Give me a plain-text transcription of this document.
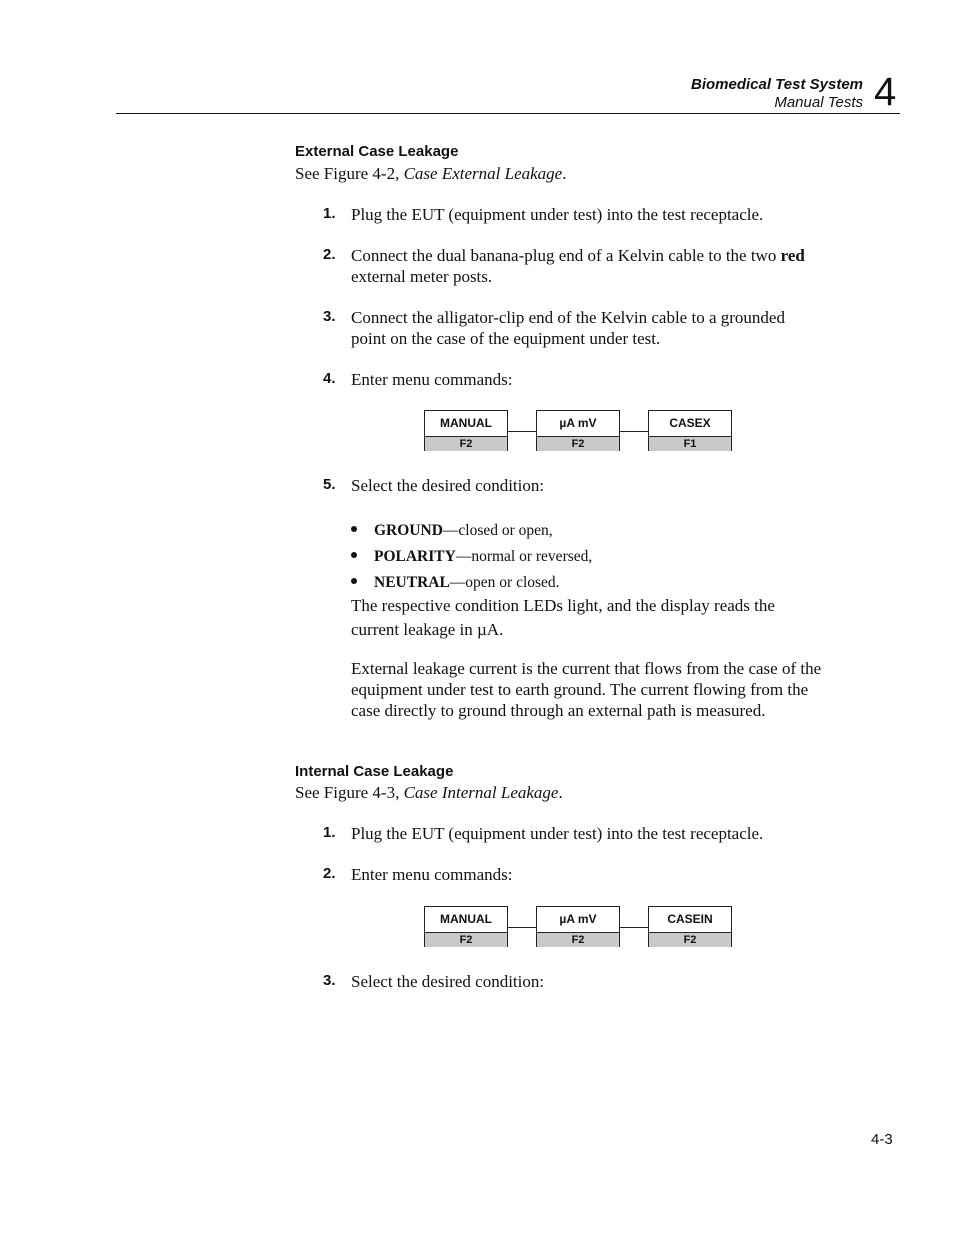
Biomedical Test System
Manual Tests 4
External Case Leakage
See Figure 4-2, Case External Leakage.
1. Plug the EUT (equipment under test) into the test receptacle.
2. Connect the dual banana-plug end of a Kelvin cable to the two red external meter posts.
3. Connect the alligator-clip end of the Kelvin cable to a grounded point on the case of the equipment under test.
4. Enter menu commands:
MANUAL
F2
µA mV
F2
CASEX
F1
5. Select the desired condition:
GROUND—closed or open,
POLARITY—normal or reversed,
NEUTRAL—open or closed.
The respective condition LEDs light, and the display reads the current leakage in µA.
External leakage current is the current that flows from the case of the equipment under test to earth ground. The current flowing from the case directly to ground through an external path is measured.
Internal Case Leakage
See Figure 4-3, Case Internal Leakage.
1. Plug the EUT (equipment under test) into the test receptacle.
2. Enter menu commands:
MANUAL
F2
µA mV
F2
CASEIN
F2
3. Select the desired condition:
4-3
